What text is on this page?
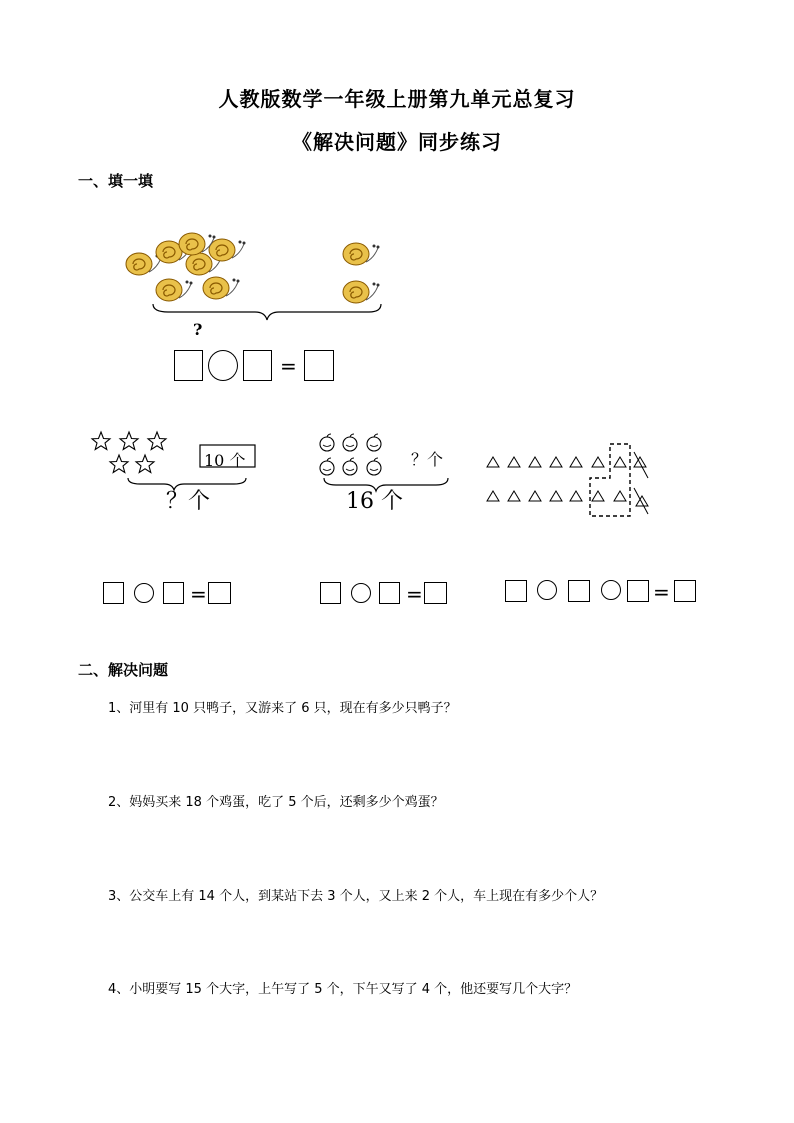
人教版数学一年级上册第九单元总复习
《解决问题》同步练习
一、填一填
?
=
10 个
？个
？个
16 个
=	=	=
二、解决问题
1、河里有 10 只鸭子，又游来了 6 只，现在有多少只鸭子？
2、妈妈买来 18 个鸡蛋，吃了 5 个后，还剩多少个鸡蛋？
3、公交车上有 14 个人，到某站下去 3 个人，又上来 2 个人，车上现在有多少个人？
4、小明要写 15 个大字，上午写了 5 个，下午又写了 4 个，他还要写几个大字？
